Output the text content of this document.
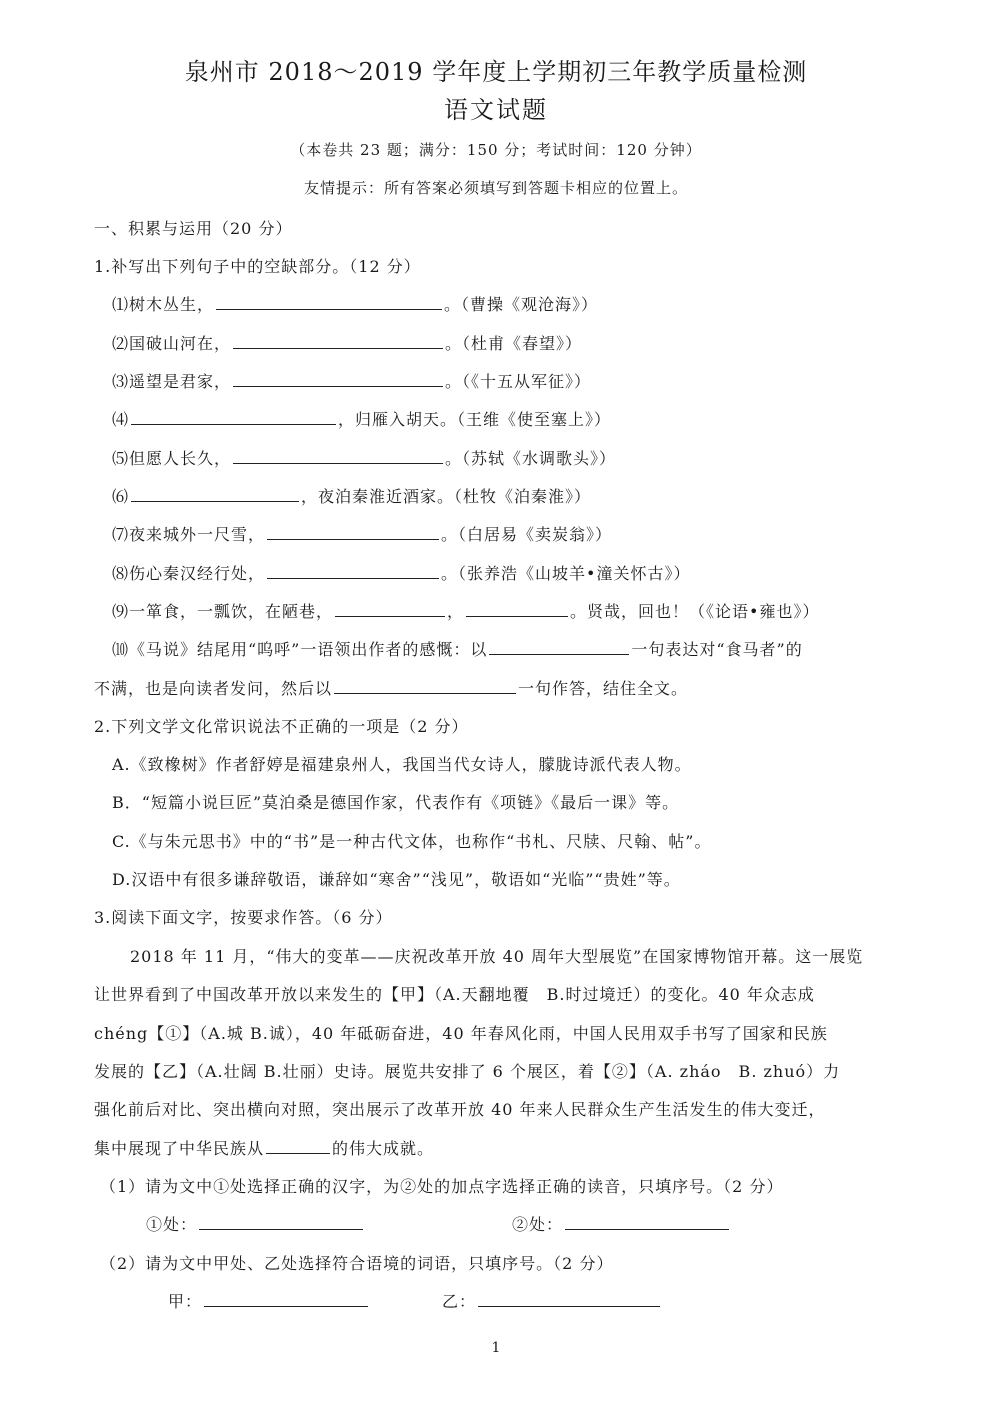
泉州市 2018～2019 学年度上学期初三年教学质量检测
语文试题
（本卷共 23 题；满分：150 分；考试时间：120 分钟）
友情提示：所有答案必须填写到答题卡相应的位置上。
一、积累与运用（20 分）
1.补写出下列句子中的空缺部分。（12 分）
⑴树木丛生，	。（曹操《观沧海》）
⑵国破山河在，	。（杜甫《春望》）
⑶遥望是君家，	。（《十五从军征》）
⑷	，归雁入胡天。（王维《使至塞上》）
⑸但愿人长久，	。（苏轼《水调歌头》）
⑹	，夜泊秦淮近酒家。（杜牧《泊秦淮》）
⑺夜来城外一尺雪，	。（白居易《卖炭翁》）
⑻伤心秦汉经行处，	。（张养浩《山坡羊•潼关怀古》）
⑼一箪食，一瓢饮，在陋巷，	，	。贤哉，回也！（《论语•雍也》）
⑽《马说》结尾用“呜呼”一语领出作者的感慨：以	一句表达对“食马者”的
不满，也是向读者发问，然后以	一句作答，结住全文。
2.下列文学文化常识说法不正确的一项是（2 分）
A.《致橡树》作者舒婷是福建泉州人，我国当代女诗人，朦胧诗派代表人物。
B．“短篇小说巨匠”莫泊桑是德国作家，代表作有《项链》《最后一课》等。
C.《与朱元思书》中的“书”是一种古代文体，也称作“书札、尺牍、尺翰、帖”。
D.汉语中有很多谦辞敬语，谦辞如“寒舍”“浅见”，敬语如“光临”“贵姓”等。
3.阅读下面文字，按要求作答。（6 分）
2018 年 11 月，“伟大的变革——庆祝改革开放 40 周年大型展览”在国家博物馆开幕。这一展览
让世界看到了中国改革开放以来发生的【甲】（A.天翻地覆　B.时过境迁）的变化。40 年众志成
chéng【①】（A.城 B.诚），40 年砥砺奋进，40 年春风化雨，中国人民用双手书写了国家和民族
发展的【乙】（A.壮阔 B.壮丽）史诗。展览共安排了 6 个展区，着【②】（A. zháo　B. zhuó）力
强化前后对比、突出横向对照，突出展示了改革开放 40 年来人民群众生产生活发生的伟大变迁，
集中展现了中华民族从	的伟大成就。
（1）请为文中①处选择正确的汉字，为②处的加点字选择正确的读音，只填序号。（2 分）
①处：	②处：
（2）请为文中甲处、乙处选择符合语境的词语，只填序号。（2 分）
甲：	乙：
1
